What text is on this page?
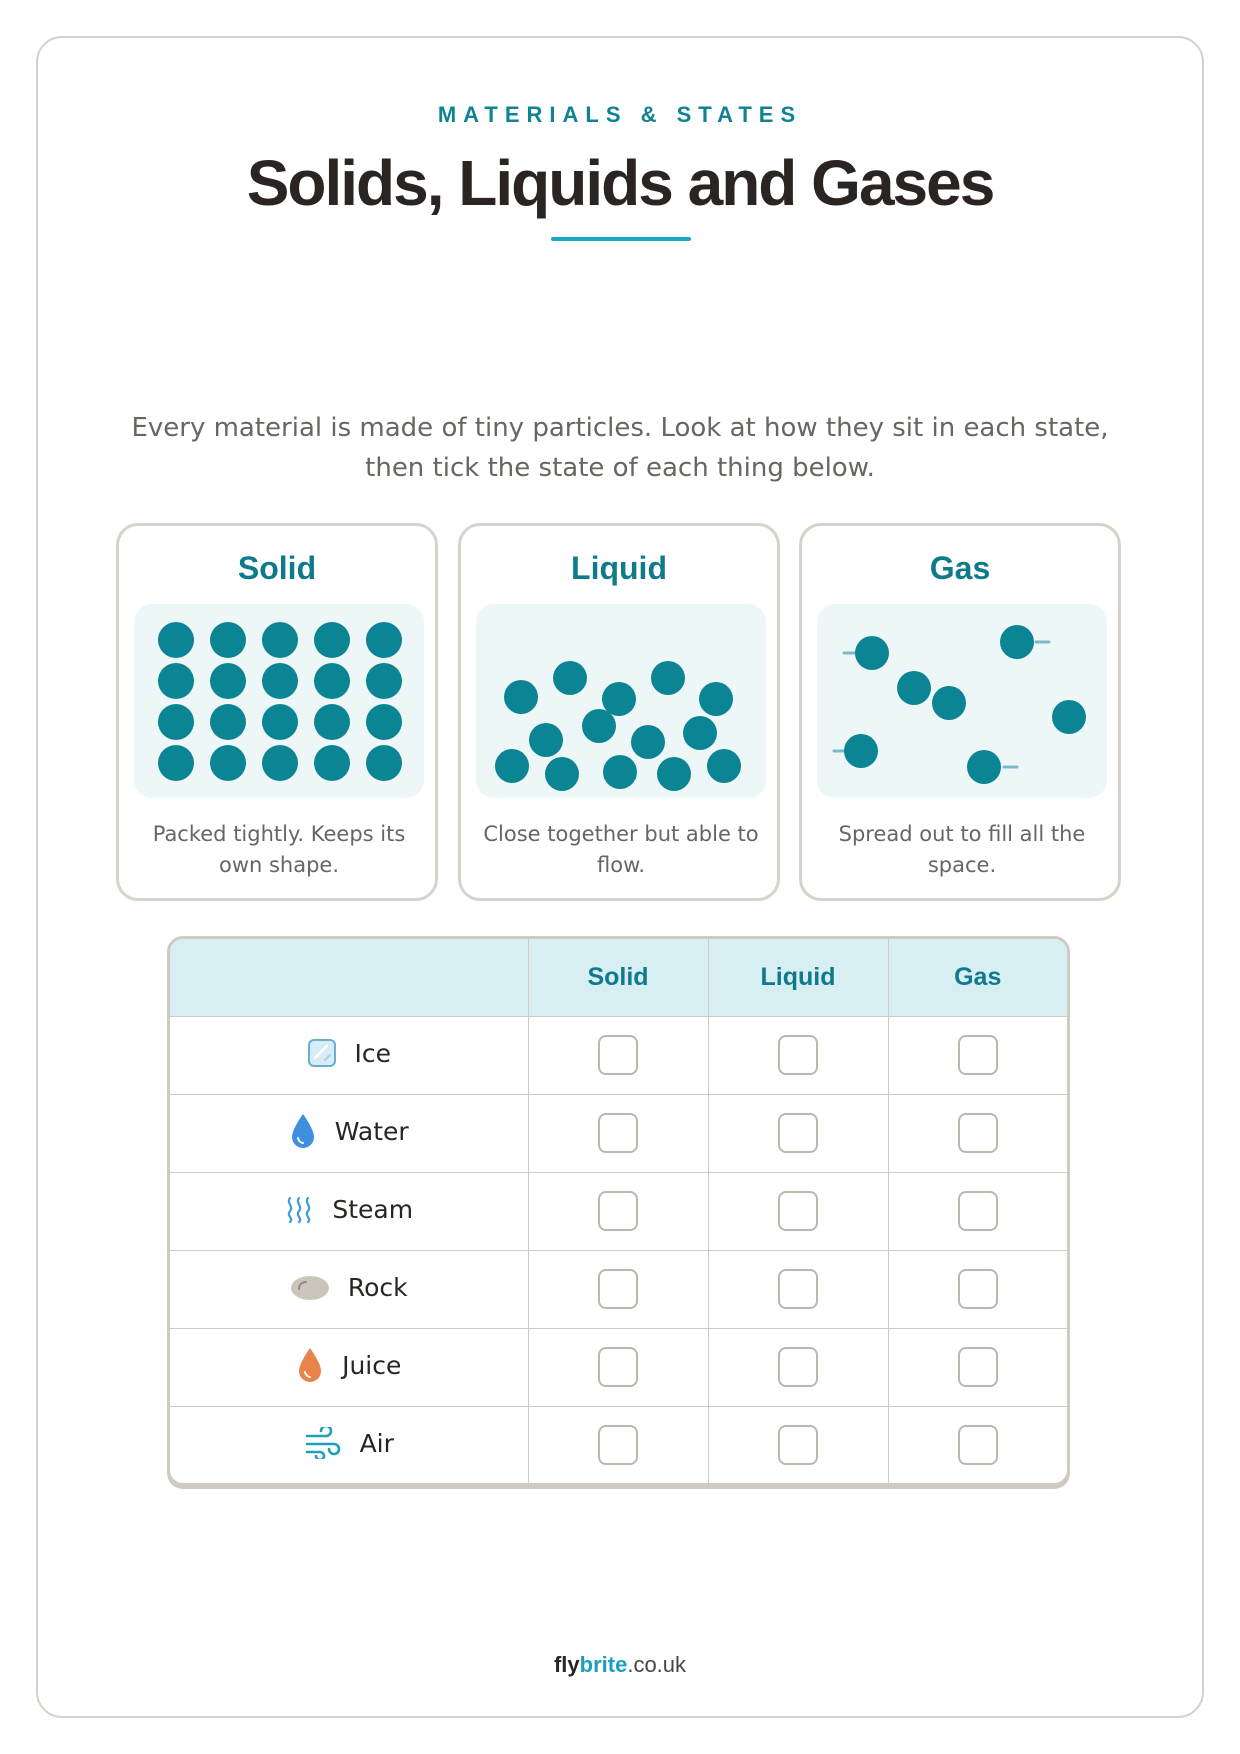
MATERIALS & STATES
Solids, Liquids and Gases

Every material is made of tiny particles. Look at how they sit in each state, then tick the state of each thing below.

Solid
Packed tightly. Keeps its own shape.
Liquid
Close together but able to flow.
Gas
Spread out to fill all the space.
	Solid	Liquid	Gas

Ice			

Water			

Steam			

Rock			

Juice			

Air			

flybrite.co.uk
